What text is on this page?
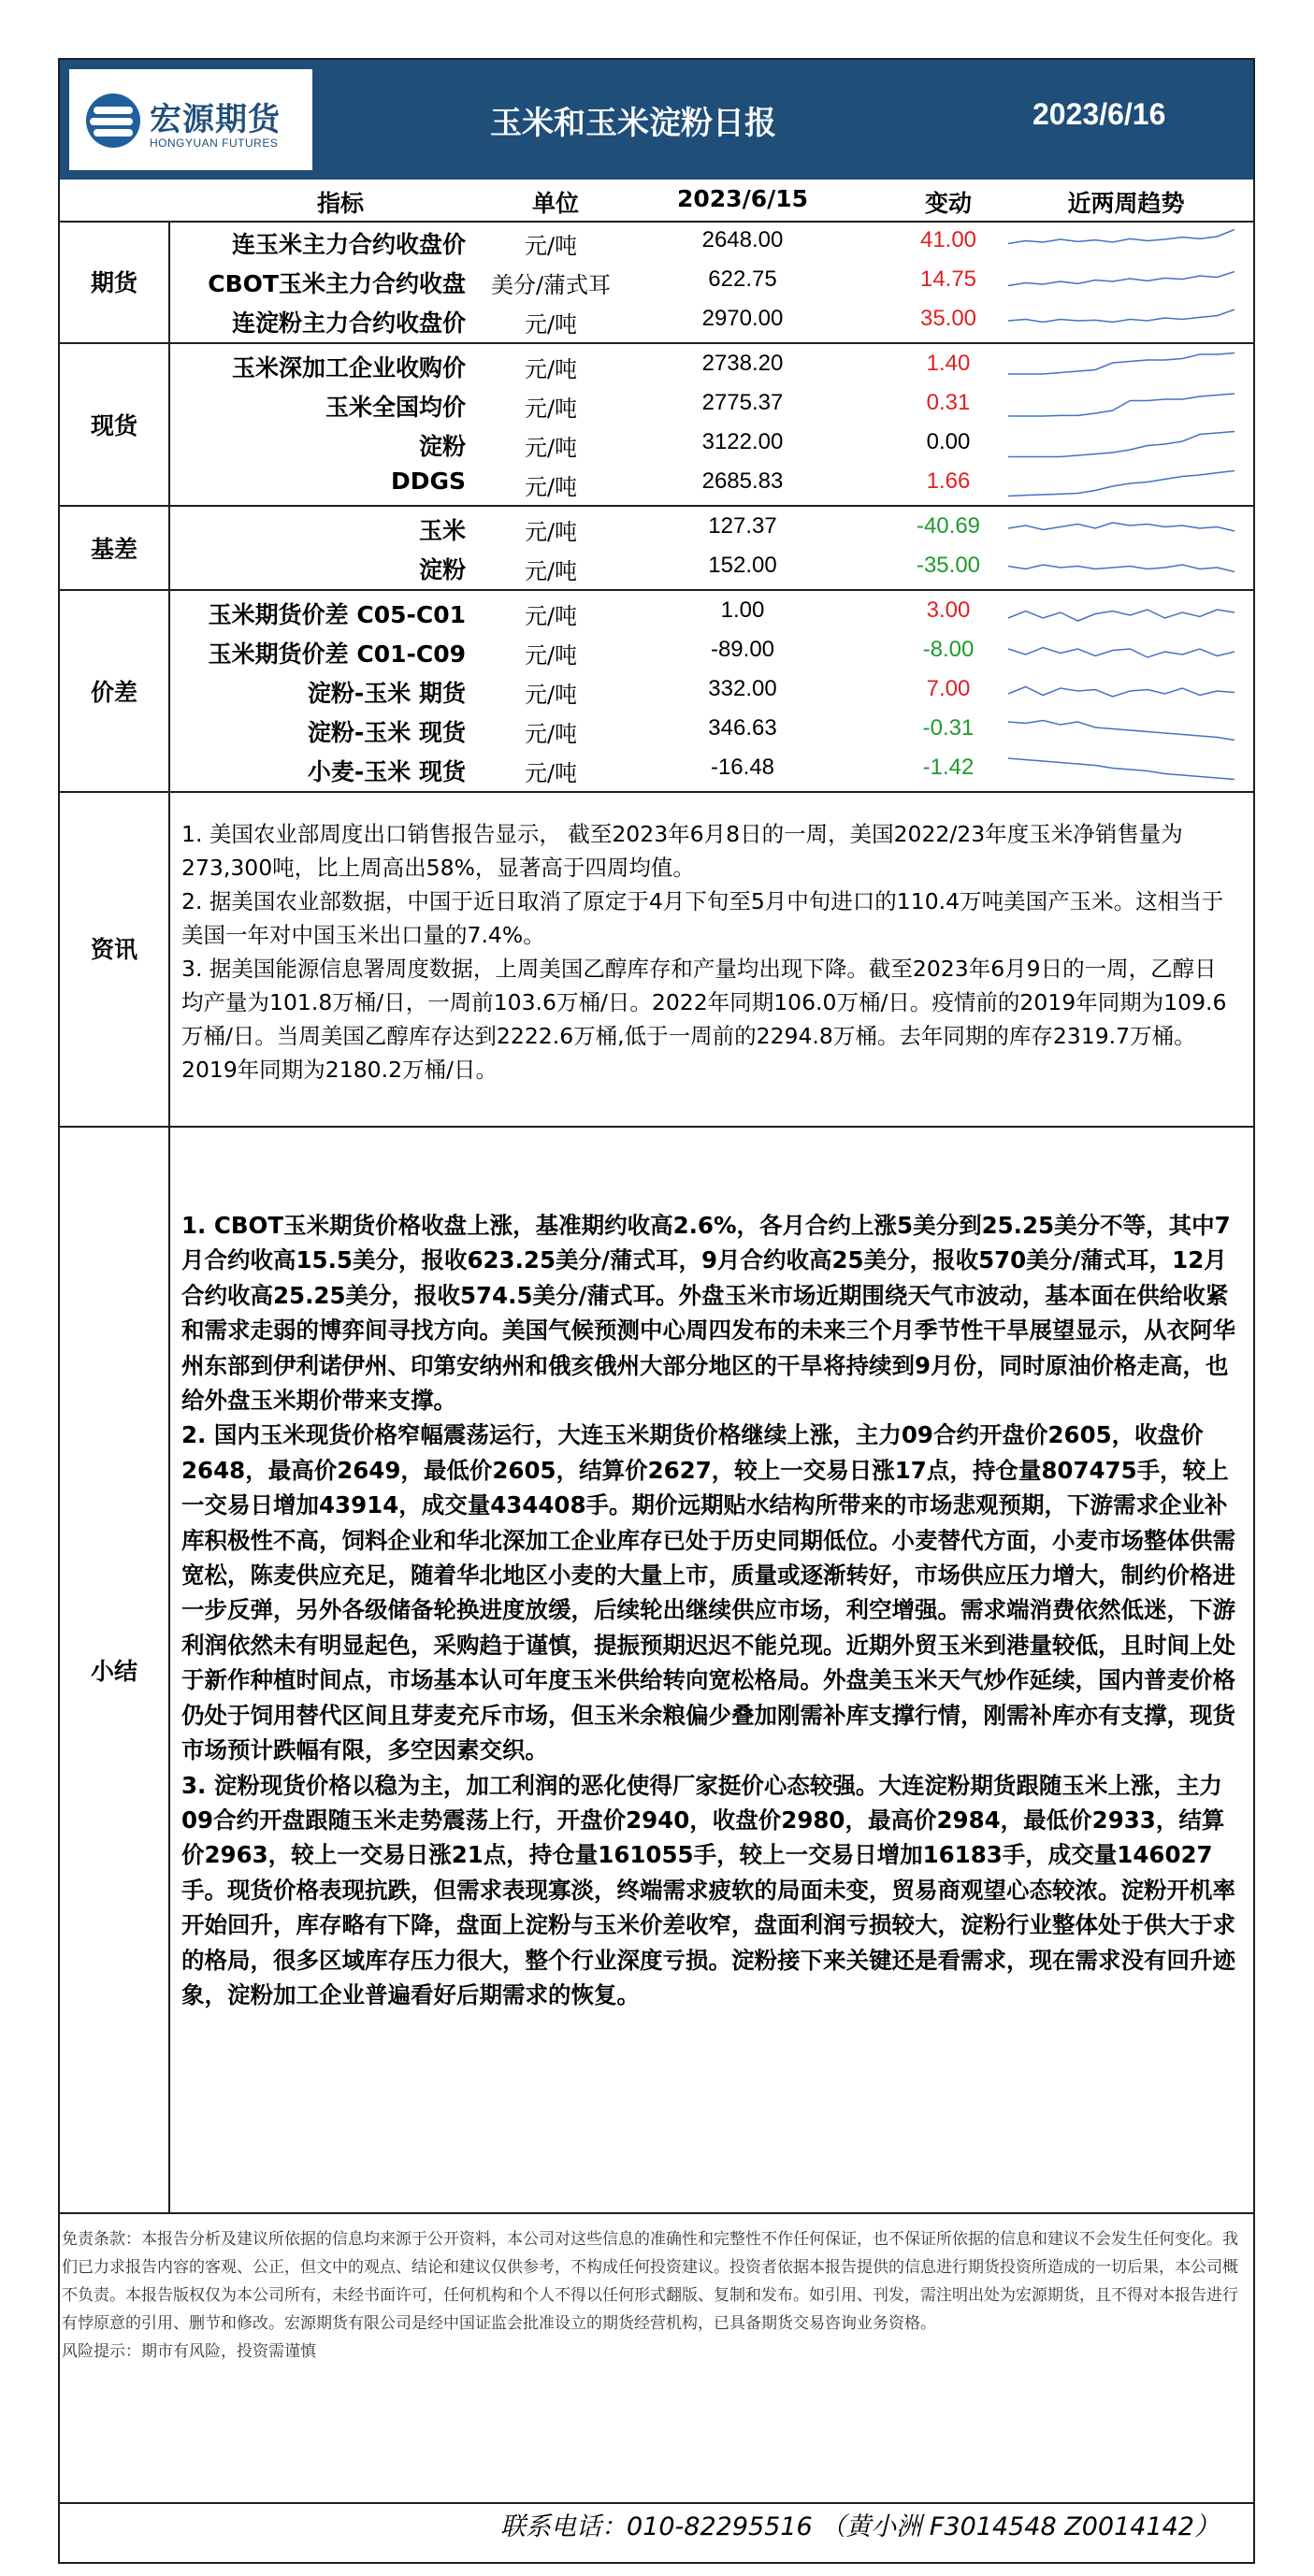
宏源期货
HONGYUAN FUTURES
玉米和玉米淀粉日报	2023/6/16
指标	单位	2023/6/15	变动	近两周趋势
连玉米主力合约收盘价	元/吨	2648.00	41.00
CBOT玉米主力合约收盘	美分/蒲式耳	622.75	14.75
连淀粉主力合约收盘价	元/吨	2970.00	35.00
期货
玉米深加工企业收购价	元/吨	2738.20	1.40
玉米全国均价	元/吨	2775.37	0.31
淀粉	元/吨	3122.00	0.00
DDGS	元/吨	2685.83	1.66
现货
玉米	元/吨	127.37	-40.69
淀粉	元/吨	152.00	-35.00
基差
玉米期货价差 C05-C01	元/吨	1.00	3.00
玉米期货价差 C01-C09	元/吨	-89.00	-8.00
淀粉-玉米 期货	元/吨	332.00	7.00
淀粉-玉米 现货	元/吨	346.63	-0.31
小麦-玉米 现货	元/吨	-16.48	-1.42
价差
资讯

1. 美国农业部周度出口销售报告显示， 截至2023年6月8日的一周，美国2022/23年度玉米净销售量为273,300吨，比上周高出58%，显著高于四周均值。

2. 据美国农业部数据，中国于近日取消了原定于4月下旬至5月中旬进口的110.4万吨美国产玉米。这相当于美国一年对中国玉米出口量的7.4%。

3. 据美国能源信息署周度数据，上周美国乙醇库存和产量均出现下降。截至2023年6月9日的一周，乙醇日均产量为101.8万桶/日，一周前103.6万桶/日。2022年同期106.0万桶/日。疫情前的2019年同期为109.6万桶/日。当周美国乙醇库存达到2222.6万桶,低于一周前的2294.8万桶。去年同期的库存2319.7万桶。2019年同期为2180.2万桶/日。

小结

1. CBOT玉米期货价格收盘上涨，基准期约收高2.6%，各月合约上涨5美分到25.25美分不等，其中7月合约收高15.5美分，报收623.25美分/蒲式耳，9月合约收高25美分，报收570美分/蒲式耳，12月合约收高25.25美分，报收574.5美分/蒲式耳。外盘玉米市场近期围绕天气市波动，基本面在供给收紧和需求走弱的博弈间寻找方向。美国气候预测中心周四发布的未来三个月季节性干旱展望显示，从衣阿华州东部到伊利诺伊州、印第安纳州和俄亥俄州大部分地区的干旱将持续到9月份，同时原油价格走高，也给外盘玉米期价带来支撑。

2. 国内玉米现货价格窄幅震荡运行，大连玉米期货价格继续上涨，主力09合约开盘价2605，收盘价2648，最高价2649，最低价2605，结算价2627，较上一交易日涨17点，持仓量807475手，较上一交易日增加43914，成交量434408手。期价远期贴水结构所带来的市场悲观预期，下游需求企业补库积极性不高，饲料企业和华北深加工企业库存已处于历史同期低位。小麦替代方面，小麦市场整体供需宽松，陈麦供应充足，随着华北地区小麦的大量上市，质量或逐渐转好，市场供应压力增大，制约价格进一步反弹，另外各级储备轮换进度放缓，后续轮出继续供应市场，利空增强。需求端消费依然低迷，下游利润依然未有明显起色，采购趋于谨慎，提振预期迟迟不能兑现。近期外贸玉米到港量较低，且时间上处于新作种植时间点，市场基本认可年度玉米供给转向宽松格局。外盘美玉米天气炒作延续，国内普麦价格仍处于饲用替代区间且芽麦充斥市场，但玉米余粮偏少叠加刚需补库支撑行情，刚需补库亦有支撑，现货市场预计跌幅有限，多空因素交织。

3. 淀粉现货价格以稳为主，加工利润的恶化使得厂家挺价心态较强。大连淀粉期货跟随玉米上涨，主力09合约开盘跟随玉米走势震荡上行，开盘价2940，收盘价2980，最高价2984，最低价2933，结算价2963，较上一交易日涨21点，持仓量161055手，较上一交易日增加16183手，成交量146027手。现货价格表现抗跌，但需求表现寡淡，终端需求疲软的局面未变，贸易商观望心态较浓。淀粉开机率开始回升，库存略有下降，盘面上淀粉与玉米价差收窄，盘面利润亏损较大，淀粉行业整体处于供大于求的格局，很多区域库存压力很大，整个行业深度亏损。淀粉接下来关键还是看需求，现在需求没有回升迹象，淀粉加工企业普遍看好后期需求的恢复。

免责条款：本报告分析及建议所依据的信息均来源于公开资料，本公司对这些信息的准确性和完整性不作任何保证，也不保证所依据的信息和建议不会发生任何变化。我们已力求报告内容的客观、公正，但文中的观点、结论和建议仅供参考，不构成任何投资建议。投资者依据本报告提供的信息进行期货投资所造成的一切后果，本公司概不负责。本报告版权仅为本公司所有，未经书面许可，任何机构和个人不得以任何形式翻版、复制和发布。如引用、刊发，需注明出处为宏源期货，且不得对本报告进行有悖原意的引用、删节和修改。宏源期货有限公司是经中国证监会批准设立的期货经营机构，已具备期货交易咨询业务资格。

风险提示：期市有风险，投资需谨慎

联系电话：010-82295516 （黄小洲 F3014548 Z0014142）
